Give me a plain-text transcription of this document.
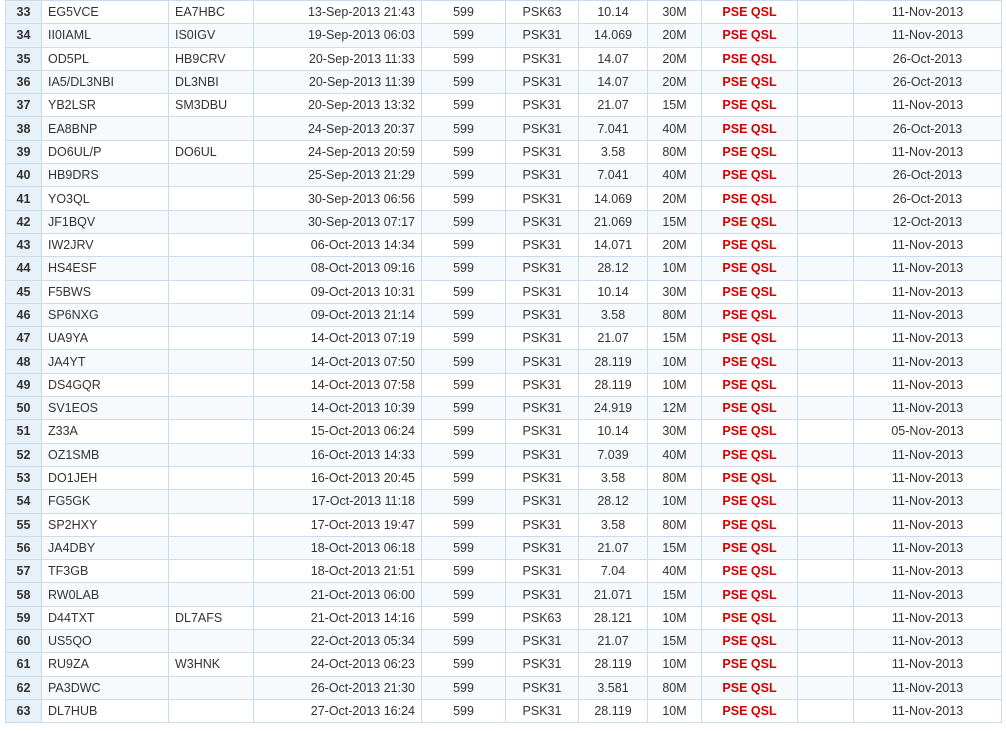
33	EG5VCE	EA7HBC	13-Sep-2013 21:43	599	PSK63	10.14	30M	PSE QSL		11-Nov-2013
34	II0IAML	IS0IGV	19-Sep-2013 06:03	599	PSK31	14.069	20M	PSE QSL		11-Nov-2013
35	OD5PL	HB9CRV	20-Sep-2013 11:33	599	PSK31	14.07	20M	PSE QSL		26-Oct-2013
36	IA5/DL3NBI	DL3NBI	20-Sep-2013 11:39	599	PSK31	14.07	20M	PSE QSL		26-Oct-2013
37	YB2LSR	SM3DBU	20-Sep-2013 13:32	599	PSK31	21.07	15M	PSE QSL		11-Nov-2013
38	EA8BNP		24-Sep-2013 20:37	599	PSK31	7.041	40M	PSE QSL		26-Oct-2013
39	DO6UL/P	DO6UL	24-Sep-2013 20:59	599	PSK31	3.58	80M	PSE QSL		11-Nov-2013
40	HB9DRS		25-Sep-2013 21:29	599	PSK31	7.041	40M	PSE QSL		26-Oct-2013
41	YO3QL		30-Sep-2013 06:56	599	PSK31	14.069	20M	PSE QSL		26-Oct-2013
42	JF1BQV		30-Sep-2013 07:17	599	PSK31	21.069	15M	PSE QSL		12-Oct-2013
43	IW2JRV		06-Oct-2013 14:34	599	PSK31	14.071	20M	PSE QSL		11-Nov-2013
44	HS4ESF		08-Oct-2013 09:16	599	PSK31	28.12	10M	PSE QSL		11-Nov-2013
45	F5BWS		09-Oct-2013 10:31	599	PSK31	10.14	30M	PSE QSL		11-Nov-2013
46	SP6NXG		09-Oct-2013 21:14	599	PSK31	3.58	80M	PSE QSL		11-Nov-2013
47	UA9YA		14-Oct-2013 07:19	599	PSK31	21.07	15M	PSE QSL		11-Nov-2013
48	JA4YT		14-Oct-2013 07:50	599	PSK31	28.119	10M	PSE QSL		11-Nov-2013
49	DS4GQR		14-Oct-2013 07:58	599	PSK31	28.119	10M	PSE QSL		11-Nov-2013
50	SV1EOS		14-Oct-2013 10:39	599	PSK31	24.919	12M	PSE QSL		11-Nov-2013
51	Z33A		15-Oct-2013 06:24	599	PSK31	10.14	30M	PSE QSL		05-Nov-2013
52	OZ1SMB		16-Oct-2013 14:33	599	PSK31	7.039	40M	PSE QSL		11-Nov-2013
53	DO1JEH		16-Oct-2013 20:45	599	PSK31	3.58	80M	PSE QSL		11-Nov-2013
54	FG5GK		17-Oct-2013 11:18	599	PSK31	28.12	10M	PSE QSL		11-Nov-2013
55	SP2HXY		17-Oct-2013 19:47	599	PSK31	3.58	80M	PSE QSL		11-Nov-2013
56	JA4DBY		18-Oct-2013 06:18	599	PSK31	21.07	15M	PSE QSL		11-Nov-2013
57	TF3GB		18-Oct-2013 21:51	599	PSK31	7.04	40M	PSE QSL		11-Nov-2013
58	RW0LAB		21-Oct-2013 06:00	599	PSK31	21.071	15M	PSE QSL		11-Nov-2013
59	D44TXT	DL7AFS	21-Oct-2013 14:16	599	PSK63	28.121	10M	PSE QSL		11-Nov-2013
60	US5QO		22-Oct-2013 05:34	599	PSK31	21.07	15M	PSE QSL		11-Nov-2013
61	RU9ZA	W3HNK	24-Oct-2013 06:23	599	PSK31	28.119	10M	PSE QSL		11-Nov-2013
62	PA3DWC		26-Oct-2013 21:30	599	PSK31	3.581	80M	PSE QSL		11-Nov-2013
63	DL7HUB		27-Oct-2013 16:24	599	PSK31	28.119	10M	PSE QSL		11-Nov-2013
